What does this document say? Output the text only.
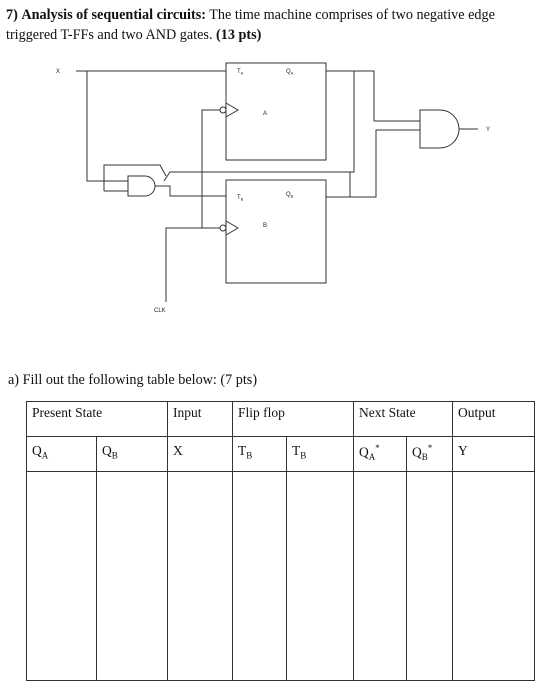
7) Analysis of sequential circuits: The time machine comprises of two negative edge
triggered T-FFs and two AND gates. (13 pts)
$T_A$	$Q_A$
A
$T_B$
$Q_B$
B
X
CLK
Y
a) Fill out the following table below: (7 pts)
Present State		Input	Flip flop		Next State		Output
$Q_A$	$Q_B$	X	$T_B$	$T_B$	$Q_A^*$	$Q_B^*$	Y
